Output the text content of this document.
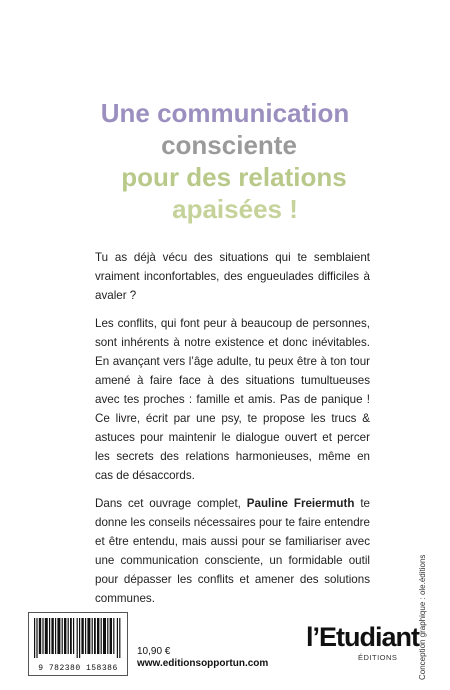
Une communication
consciente
pour des relations
apaisées !

Tu as déjà vécu des situations qui te semblaient vraiment inconfortables, des engueulades difficiles à avaler ?

Les conflits, qui font peur à beaucoup de personnes, sont inhérents à notre existence et donc inévitables. En avançant vers l’âge adulte, tu peux être à ton tour amené à faire face à des situations tumultueuses avec tes proches : famille et amis. Pas de panique ! Ce livre, écrit par une psy, te propose les trucs & astuces pour maintenir le dialogue ouvert et percer les secrets des relations harmonieuses, même en cas de désaccords.

Dans cet ouvrage complet, Pauline Freiermuth te donne les conseils nécessaires pour te faire entendre et être entendu, mais aussi pour se familiariser avec une communication consciente, un formidable outil pour dépasser les conflits et amener des solutions communes.	Conception graphique : ole.éditions
9 782380 158386
10,90 €
www.editionsopportun.com
l’Etudiant
ÉDITIONS
